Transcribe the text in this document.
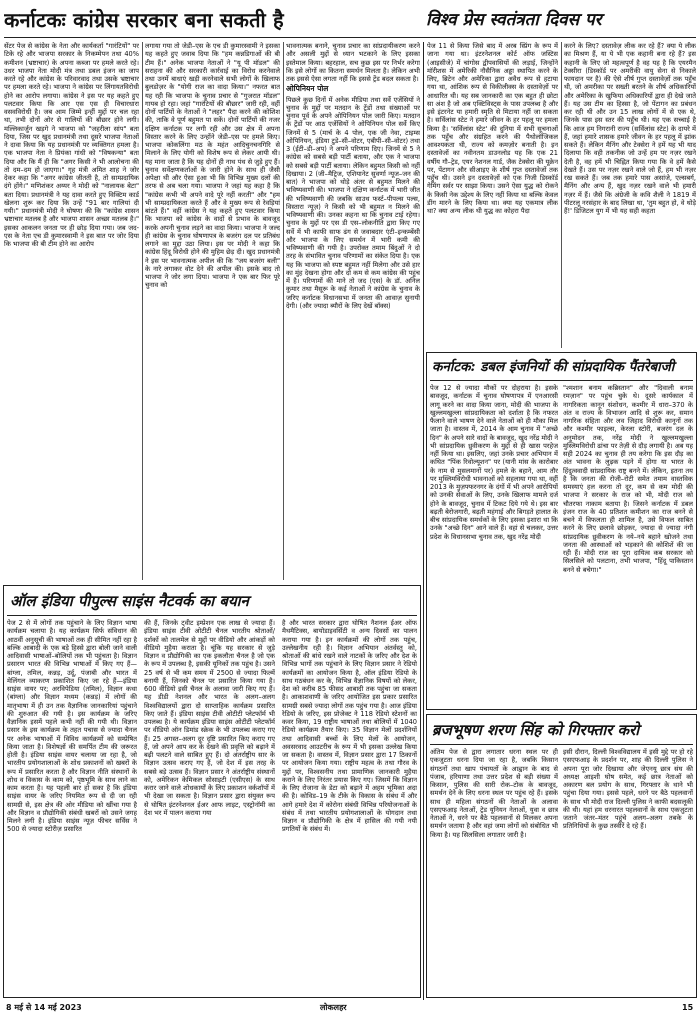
कर्नाटकः कांग्रेस सरकार बना सकती है	विश्व प्रेस स्वतंत्रता दिवस पर

सेंटर पेज से कांग्रेस के नेता और कार्यकर्ता "गारंटियों" पर टिके रहे और भाजपा सरकार के निकम्मेपन तथा 40% कमीशन (भ्रष्टाचार) के अपना कब्जा पर हमले करते रहे। उधर भाजपा नेता मोदी मंत्र तथा डबल इंजन का जाप करते रहे और कांग्रेस के परिवारवाद तथा उसके भ्रष्टाचार पर हमला करते रहे। भाजपा ने कांग्रेस पर लिंगायतविरोधी होने का आरोप लगाया। कांग्रेस ने इस पर यह कहते हुए पलटवार किया कि आर एस एस ही विचारधारा वसवविरोधी है। जब आम जिम्मे इन्हीं मुद्दों पर चल रहा था, तभी दोनों ओर से गालियों की बौछार होने लगी। मल्लिकार्जुन खड़गे ने भाजपा को "जहरीला सांप" बता दिया, जिस पर खुद प्रधानमंत्री तथा दूसरे भाजपा नेताओं ने दावा किया कि यह प्रधानमंत्री पर व्यक्तिगत हमला है। एक भाजपा नेता ने प्रियंका गांधी को "विषकन्या" बता दिया और कि मैं ही कि "अगर किसी ने भी आलोचना की तो दम–दम हो जाएगा।" गृह मंत्री अमित शाह ने जोर देकर कहा कि "अगर कांग्रेस जीतती है, तो साम्प्रदायिक दंगे होंगे।" मणिशंकर अय्यर ने मोदी को "नालायक बेटा" बता दिया। प्रधानमंत्री ने यह दावा करते हुए विक्टिम कार्ड खेलना शुरू कर दिया कि उन्हें "91 बार गालियां दी गयी।" प्रधानमंत्री मोदी ने घोषणा की कि "कांग्रेस शासन भ्रष्टाचार मतलब है और भाजपा शासन अच्छा मतलब है।" इसका आकलन जनता पर ही छोड़ दिया गया। जब जद-एस के नेता एच डी कुमारस्वामी ने इस बात पर जोर दिया कि भाजपा की बी टीम होने का आरोप

लगाया गया तो जेडी–एस के एच डी कुमारस्वामी ने इसका यह कहते हुए जवाब दिया कि "हम कन्नडिगाओं की बी टीम हैं।" अनेक भाजपा नेताओं ने "यू पी मॉडल" की सराहना की और सरकारी कार्रवाई का विरोध करनेवाले तथा उनमें बाधाएं खड़ी करनेवाले सभी लोगों के खिलाफ बुलडोज़र के "योगी राज का वादा किया।" नफरत बात यह रही कि भाजपा के चुनाव प्रचार से "गुजरात मॉडल" गायब हो रहा। जहां "गारंटियों की बौछार" जारी रही, वहीं दोनों पार्टियों के नेताओं ने "लहर" पैदा करने की कोशिश की, ताकि वे पूर्ण बहुमत पा सकें। दोनों पार्टियों की नजर दक्षिण कर्नाटक पर लगी रही और उस क्षेत्र में अपना विस्तार करने के लिए उन्होंने जेडी–एस पर हमले किए। भाजपा कोकलिंगा मठ के महंत आदिचुनचनगिरि से मिलाने के लिए योगी को विशेष रूप से लेकर आयी थी। यह माना जाता है कि यह दोनों ही नाथ पंथ से जुड़े हुए हैं। चुनाव सर्वेक्षणकर्ताओं के जारी होने के साथ ही जैसी अपेक्षा थी और ऐसा हुआ भी कि विभिन्न मुख्य दलों की तरफ से अब चला गया। भाजपा ने जहां यह कहा है कि "कांग्रेस कभी भी अपने वादे पूरे नहीं करती" और "हम भी साम्प्रदायिकता करते हैं और वे मुख्य रूप से रेवड़ियां बांटते हैं।" वहीं कांग्रेस ने यह कहते हुए पलटवार किया कि भाजपा को कांग्रेस के वादों से प्रभाव के बावजूद करके अपनी चुनाव लड़ने का वादा किया। भाजपा ने जल्द ही कांग्रेस के चुनाव घोषणापत्र के बजरंग दल पर प्रतिबंध लगाने का मुद्दा उठा लिया। इस पर मोदी ने कहा कि कांग्रेस हिंदू विरोधी होने की मुहिम छेड़ दी। खुद प्रधानमंत्री ने इस पर भावनात्मक अपील की कि "जय बजरंग बली" के नारे लगाकर वोट देने की अपील की। इसके बाद तो भाजपा ने जोर लगा दिया। भाजपा ने एक बार फिर पूरे चुनाव को

भावनात्मक बनाने, चुनाव प्रचार का सांप्रदायीकरण करने और असली मुद्दों से ध्यान भटकाने के लिए इसका इस्तेमाल किया। बहरहाल, सच कुछ इस पर निर्भर करेगा कि इसे लोगों का कितना समर्थन मिलता है। लेकिन अभी तक इससे ऐसा लगता नहीं कि इससे ट्रेंड बदल सकता है।

ओपिनियन पोल

पिछले कुछ दिनों में अनेक मीडिया तथा सर्वे एजेंसियों ने चुनाव के मुद्दों पर मतदान के ट्रेंडों तथा संख्याओं पर चुनाव पूर्व के अपने ओपिनियन पोल जारी किए। मतदान के ट्रेंडों पर आठ एजेंसियों ने ओपिनियन पोल सर्वे किए जिनमें से 5 (मार्च के 4 पोल, एक जी नेवा, टाइम्स ओपिनियन, इंडिया टुडे–सी–वोटर, एबीपी–सी–वोटर) तथा 3 (ईटी–डी–अप) ने अपने परिणाम दिए। जिनमें से 5 ने कांग्रेस को सबसे बड़ी पार्टी बताया, और एक ने भाजपा को सबसे बड़ी पार्टी बताया। लेकिन बहुमत किसी को नहीं दिखाया। 2 (जी–मैट्रिज, एशियानेट सुवर्णा न्यूज–जन की बात) ने भाजपा को थोड़े अंतर से बहुमत मिलने की भविष्यवाणी की। भाजपा ने दक्षिण कर्नाटक में भारी जीत की भविष्यवाणी की जबकि साउथ फर्स्ट–पीपल्स पल्स, विस्तारा न्यूज़) ने किसी को भी बहुमत न मिलने की भविष्यवाणी की। उनका कहना था कि चुनाव टाई रहेगा। चुनाव के मुद्दों पर एस डी एस–लोकनीति द्वारा किए गए सर्वे में भी काफी साफ ढंग से जवाबदार एंटी–इन्कम्बेंसी और भाजपा के लिए समर्थन में भारी कमी की भविष्यवाणी की गयी है। उपरोक्त तमाम बिंदुओं ने दो तरह के संभावित चुनाव परिणामों का संकेत दिया है। एक यह कि भाजपा को स्पष्ट बहुमत नहीं मिलेगा और उसे हार का मुंह देखना होगा और दो कम से कम कांग्रेस की पहुंच में है। परिणामों की माने तो जद (एस) के डॉ. अनिल कुमार तथा मैसूरू के कई नेताओं ने कांग्रेस के चुनाव के जरिए कर्नाटक विधानसभा में जनता की आवाज़ सुनायी देगी। (और ज्यादा ब्यौरों के लिए देखें बॉक्स)

पेज 11 से किया जिसे बाद में अरब स्प्रिंग के रूप में जाना गया था। इंटरनेशनल कोर्ट ऑफ जस्टिस (आइसीजे) में चांगोस द्वीपवासियों की लड़ाई, जिन्होंने मॉरीशस में अमेरिकी नौसैनिक अड्डा स्थापित करने के लिए, ब्रिटेन और अमेरिका द्वारा अवैध रूप से हटाया गया था, आंशिक रूप से विकीलीक्स के दस्तावेज़ों पर आधारित थी। यह सब जानकारी का एक बहुत ही छोटा सा अंश है जो अब एक्टिविस्ट्स के पास उपलब्ध है और इसे इंटरनेट या हमारी स्मृति से मिटाया नहीं जा सकता है। सर्विलांस स्टेट ने हमारे जीवन के हर पहलू पर हमला किया है। 'सर्विलांस स्टेट' की दुनिया में सभी सूचनाओं तक पहुँच और संग्रहित करने की पैथोलॉजिकल आवश्यकता थी, राज्य को कमज़ोर बनाती है। इन दस्तावेजों का नवीनतम डाउनलोड यह कि एक 21 वर्षीय गौ–ट्रेड, एयर नेशनल गार्ड, जैक टेक्सेरा की यूक्रेन पर, पेंटागन और सीआइए के शीर्ष गुप्त दस्तावेजों तक पहुँच थी। उसने इन दस्तावेज़ों को एक निजी डिस्कॉर्ड गेमिंग सर्वर पर साझा किया। उसने ऐसा युद्ध को रोकने के किसी नेक उद्देश्य के लिए नहीं किया था बल्कि केवल डींग मारने के लिए किया था। क्या यह एकमात्र लीक था? क्या अन्य लीक थी युद्ध का कोहरा पैदा

करने के लिए? दस्तावेज़ लीक कर रहे हैं? क्या ये लीक का मिश्रण हैं, या ये भी एक कहानी बना रहे हैं? इस कहानी के लिए जो महत्वपूर्ण है वह यह है कि एयरमैन टेक्सीरा (डिस्कॉर्ड पर अमरीकी वायु सेना से निकाले फायदान पर है) की ऐसे शीर्ष गुप्त दस्तावेज़ों तक पहुँच थी, जो अमरीका पर सख्ती बरतने के शीर्ष अधिकारियों और अमेरिका के खुफिया अधिकारियों द्वारा ही देखे जाते हैं। यह उस टीम का हिस्सा है, जो पेंटागन का प्रबंधन कर रही थी और उन 15 लाख लोगों में से एक थे, जिनके पास इस स्तर की पहुँच थी। यह एक सच्चाई है कि आज हम निगरानी राज्य (सर्विलांस स्टेट) के दायरे में हैं, जहां हमारे शासक हमारे जीवन के हर पहलू में झांक सकते हैं। लेकिन मैनिंग और टेक्सेरा ने हमें यह भी याद दिलाया कि वही तकनीक जो उन्हें हम पर नज़र रखने देती है, वह हमें भी चिह्नित किया गया कि वे हमें कैसे देखते हैं। उस पर नज़र रखने वाले जो हैं, हम भी नज़र रख सकते हैं। जब तक हमारे पास असांजे, एल्सबर्ग, मैनिंग और अन्य हैं, खुद नज़र रखने वाले भी हमारी नज़र में हैं। जैसे कि अंग्रेजी के कवि शैली ने 1819 में पीटरलू नरसंहार के बाद लिखा था, 'तुम बहुत हो, वे थोड़े हैं!' डिजिटल युग में भी यह सही कहता

कर्नाटक: डबल इंजनियों की सांप्रदायिक पैंतरेबाजी

पेज 12 से ज्यादा मौकों पर दोहराया है। इसके बावजूद, कर्नाटक में चुनाव घोषणापत्र में एनआरसी लागू करने का वादा किया जाना, मोदी की भाजपा के खुल्लमखुल्ला सांप्रदायिकता को दर्शाता है कि नफरत फैलाने वाले भाषण देने वाले नेताओं को ही मौका मिल जाता है। वास्तव में, 2014 के आम चुनाव में "अच्छे दिन" के अपने सारे वादों के बावजूद, खुद नरेंद्र मोदी ने भी सांप्रदायिक ध्रुवीकरण के मुद्दों से ही खास परहेज नहीं किया था। इसलिए, जहां उनके प्रचार अभियान में कथित "पिंक रिवोल्यूशन" पर (यानी मांस के कारोबार के नाम से मुसलमानों पर) हमले के बहाने, आम तौर पर मुस्लिमविरोधी भावनाओं को सहलाया गया था, वहीं 2013 के मुज़फ्फरनगर के दंगों में भी अपने आरोपियों को उनकी सेवाओं के लिए, उनके खिलाफ मामले दर्ज होने के बावजूद, चुनाव में टिकट दिये गये थे। इस बार बढ़ती बेरोजगारी, बढ़ती महंगाई और बिगड़ते हालात के बीच सांप्रदायिक समर्थकों के लिए इसका इशारा था कि उनके "अच्छे दिन" आने वाले हैं। वहां से चलकर, उत्तर प्रदेश के विधानसभा चुनाव तक, खुद नरेंद्र मोदी

"श्मशान बनाम कब्रिस्तान" और "दिवाली बनाम रमज़ान" पर पहुंच चुके थे। दूसरे कार्यकाल में नागरिकता कानून संशोधन, कश्मीर में धारा–370 के अंत व राज्य के विभाजन आदि से शुरू कर, समान नागरिक संहिता और लव जिहाद विरोधी कानूनों तक और कश्मीर फाइल्स, केरला स्टोरी, बजरंग दल के अनुमोदन तक, नरेंद्र मोदी ने खुल्लमखुल्ला मुस्लिमविरोधी ढांचा पर तेज़ी से दौड़ लगायी है। अब यह सही 2024 का चुनाव ही तय करेगा कि इस दौड़ का अंत भावना के लुढ़क पड़ने में होगा या भारत के हिंदुत्ववादी सांप्रदायिक राष्ट्र बनने में। लेकिन, इतना तय है कि जनता की रोजी–रोटी समेत तमाम वास्तविक समस्याएं हल करना तो दूर, कम से कम मोदी की भाजपा ने सरकार के राज को भी, मोदी राज को चौतरफा नाकाम बताया है। जिसने कर्नाटक में डबल इंजन राज के 40 प्रतिशत कमीशन का राज बनने से बचने में विफलता ही शामिल है, उसे विफल साबित करने के लिए छलावे छोड़कर, ज्यादा से ज्यादा नंगी सांप्रदायिक ध्रुवीकरण के नये–नये बहाने खोजने तथा जनता की आस्थाओं को भड़काने की कोशिशें की जा रही हैं। मोदी राज का पूरा दायित्व कब सरकार को सिलसिले को पलटाना, तभी भाजपा, "हिंदू पाकिस्तान बनने से बचेगा।"

ब्रजभूषण शरण सिंह को गिरफ्तार करो

अंतिम पेज से द्वारा लगातार धरना स्थल पर ही एकजुटता धरना दिया जा रहा है, जबकि किसान संगठनों तथा खाप पंचायतों के आह्वान के बाद से पंजाब, हरियाणा तथा उत्तर प्रदेश से बड़ी संख्या में किसान, पुलिस की सारी रोक–टोक के बावजूद, समर्थन देने के लिए धरना स्थल पर पहुंच रहे हैं। इसके साथ ही महिला संगठनों की नेताओं के अलावा एसएफआइ नेताओं, ट्रेड यूनियन नेताओं, युवा व छात्र नेताओं ने, धरने पर बैठे पहलवानों से मिलकर अपना समर्थन जताया है और वहां जमा लोगों को संबोधित भी किया है। यह सिलसिला लगातार जारी है।

इसी दौरान, दिल्ली विश्वविद्यालय में इसी मुद्दे पर हो रहे एसएफआइ के प्रदर्शन पर, शाह की दिल्ली पुलिस ने अपना पूरा जोर दिखाया और जेएनयू छात्र संघ की अध्यक्ष आइशी घोष समेत, कई छात्र नेताओं को अकारण बल प्रयोग के साथ, गिरफ्तार के थाने भी पहुंचा दिया गया। इससे पहले, धरने पर बैठे पहलवानों के साथ भी मोदी राज दिल्ली पुलिस ने काफी बदसलूकी की थी। यहां हम धरनारत पहलवानों के साथ एकजुटता जताने जंतर–मंतर पहुंचे अलग–अलग तबके के प्रतिनिधियों के कुछ तस्वीरें दे रहे हैं।

ऑल इंडिया पीपुल्स साइंस नैटवर्क का बयान

पेज 2 से में लोगों तक पहुंचाने के लिए विज्ञान भाषा कार्यक्रम चलाया है। यह कार्यक्रम सिर्फ संविधान की आठवीं अनुसूची की भाषाओं तक ही सीमित नहीं रहा है बल्कि आबादी के एक बड़े हिस्से द्वारा बोली जाने वाली आदिवासी भाषाओं–बोलियों तक भी पहुंचता है। विज्ञान प्रसारण भारत की विभिन्न भाषाओं में किए गए हैं—बांग्ला, तमिल, कन्नड़, उर्दू, पंजाबी और भारत में मेलिंगल व्याकरण प्रकाशित किए जा रहे हैं—इंडिया साइंस वायर पर; अरविपेडिया (तमिल), विज्ञान कथा (बांग्ला) और विज्ञान मध्यम (कन्नड़) में लोगों की मातृभाषा में ही उन तक वैज्ञानिक जानकारियां पहुंचाने की शुरुआत की गयी है। इस कार्यक्रम के जरिए वैज्ञानिक इसमें पहले कभी नहीं की गयी थी। विज्ञान प्रसार के इस कार्यक्रम के तहत पचास से ज्यादा चैनल पर अनेक भाषाओं में विविध कार्यक्रमों को सम्प्रेषित किया जाता है। विशेषज्ञों की समर्पित टीम की जरूरत होती है। इंडिया साइंस वायर चलाया जा रहा है, जो भारतीय प्रयोगशालाओं के शोध प्रकाशनों को खबरों के रूप में प्रसारित करता है और विज्ञान नीति संस्थानों के शोध व विकास के काम को, पृष्ठभूमि के साथ लाने का काम करता है। यह पहली बार हो सका है कि इंडिया साइंस वायर के जरिए नियमित रूप से दी जा रही सामग्री से, इस क्षेत्र की ओर मीडिया को खींचा गया है और विज्ञान व प्रौद्योगिकी संबंधी खबरों को उसने जगह मिलने लगी है। इंडिया साइंस न्यूज़ फीचर सर्विस ने 500 से ज्यादा स्टोरीज़ प्रसारित

की हैं, जिनके ट्वीट इम्प्रेशन एक लाख से ज्यादा हैं। इंडिया साइंस टीवी ओटीटी चैनल भारतीय श्रोताओं/दर्शकों को तालमेल से मुद्दों पर वीडियो और आंकड़ों को वीडियो मुहैया कराता है। चूंकि यह सरकार से जुड़े विज्ञान व प्रौद्योगिकी का एक इकलौता चैनल है जो एक के रूप में उपलब्ध है, इसकी यूनिकों तक पहुंच है। उसने 25 वर्ष से भी कम समय में 2500 से ज्यादा फिल्में बनायी हैं, जिनको चैनल पर प्रसारित किया गया है। 600 वीडियो इसी चैनल के अलावा जारी किए गए हैं। यह डीडी नेशनल और भारत के अलग–अलग विश्वविद्यालयों द्वारा दो साप्ताहिक कार्यक्रम प्रसारित किए जाते हैं। इंडिया साइंस टीवी ओटीटी प्लेटफॉर्म भी उपलब्ध है। ये कार्यक्रम इंडिया साइंस ओटीटी प्लेटफॉर्म पर वीडियो ऑन डिमांड स्क्रेक के भी उपलब्ध कराए गए हैं। 25 अगस्त–अलग दूर दृष्टि प्रसारित किए कराए गए हैं, जो अपने आप कर के देखने की प्रवृत्ति को बढ़ाने में बढ़ी पलटने वाले साबित हुए हैं। दो अंतर्राष्ट्रीय सार के विज्ञान उत्सव कराए गए हैं, जो देश में इस तरह के सबसे बड़े उत्सव हैं। विज्ञान प्रसार ने अंतर्राष्ट्रीय संस्थानों को, अमेरिकन केमिकल सोसाइटी (एसीएस) के साथ करार जाने वाले शोधकार्यों के लिए प्रकाशन वर्कशॉपों में भी देखा जा सकता है। विज्ञान प्रसार द्वारा संयुक्त रूप से घोषित इंटरनेशनल ईअर आफ लाइट, एस्ट्रोनॉमी का देश भर में पालन कराया गया

है और भारत सरकार द्वारा घोषित नैशनल ईअर ऑफ मैथमैटिक्स, बायोडाइवर्सिटी व अन्य दिवसों का पालन कराया गया है। इन कार्यक्रमों की लोगों तक पहुंच, उल्लेखनीय रही है। विज्ञान अभियान अंतर्वस्तु को, श्रोताओं की बांधे रखने वाले नाटकों के जरिए और देश के विभिन्न भागों तक पहुंचाने के लिए विज्ञान प्रसार ने रेडियो कार्यक्रमों का आयोजन किया है, ऑल इंडिया रेडियो के साथ गठबंधन कर के, विभिन्न वैज्ञानिक विषयों को लेकर, देश को करीब 85 फीसद आबादी तक पहुंचा जा सकता है। आकाशवाणी के जरिए आयोजित इस प्रकार प्रसारित सामग्री सबसे ज्यादा लोगों तक पहुंच गया है। आज इंडिया रेडियो के जरिए, इस प्रोजेक्ट ने 118 रेडियो स्टेशनों का कवर किया, 19 राष्ट्रीय भाषाओं तथा बोलियों में 1040 रेडियो कार्यक्रम तैयार किए। 35 विज्ञान मेलों प्रदर्शनियों तथा आदिवासी बच्चों के लिए मेलों के आयोजन, अवसरवाद आउटरीच के रूप में भी इसका उल्लेख किया जा सकता है। वास्तव में, विज्ञान प्रसार द्वारा 17 ठिकानों पर आयोजन किया गया। राष्ट्रीय महत्व के तथा गौरव के मुद्दों पर, विश्वसनीय तथा प्रामाणिक जानकारी मुहैया कराने के लिए निरंतर प्रयास किए गए। जिसमें कि विज्ञान के लिए रोजाना के डेटा को बढ़ाने में अहम भूमिका अदा की है। कोविड–19 के टीके के विकास के संबंध में और आगे हमारे देश में कोरोना संबंधी विभिन्न परियोजनाओं के संबंध में तथा भारतीय प्रयोगशालाओं के योगदान तथा विज्ञान व प्रौद्योगिकी के क्षेत्र में हासिल की गयी नयी प्रगतियों के संबंध में।

8 मई से 14 मई 2023	लोकलहर	15
